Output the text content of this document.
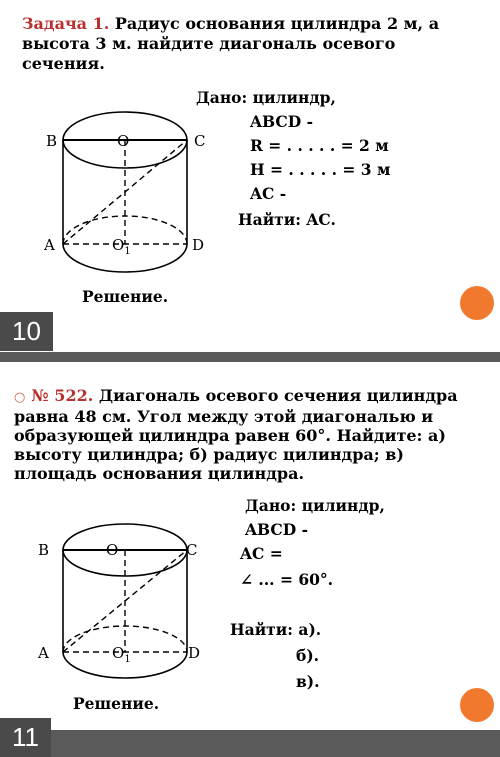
Задача 1. Радиус основания цилиндра 2 м, а высота 3 м. найдите диагональ осевого сечения.
Дано: цилиндр,
ABCD -
R = . . . . . = 2 м
H = . . . . . = 3 м
AC -
Найти: AC.
B	O	C
A	$O_1$	D
Решение.
10
○ № 522. Диагональ осевого сечения цилиндра равна 48 см. Угол между этой диагональю и образующей цилиндра равен 60°. Найдите: а) высоту цилиндра; б) радиус цилиндра; в) площадь основания цилиндра.
Дано: цилиндр,
ABCD -
AC =
∠ ... = 60°.
Найти: а).
б).
в).
B	O	C
A	$O_1$	D
Решение.
11
